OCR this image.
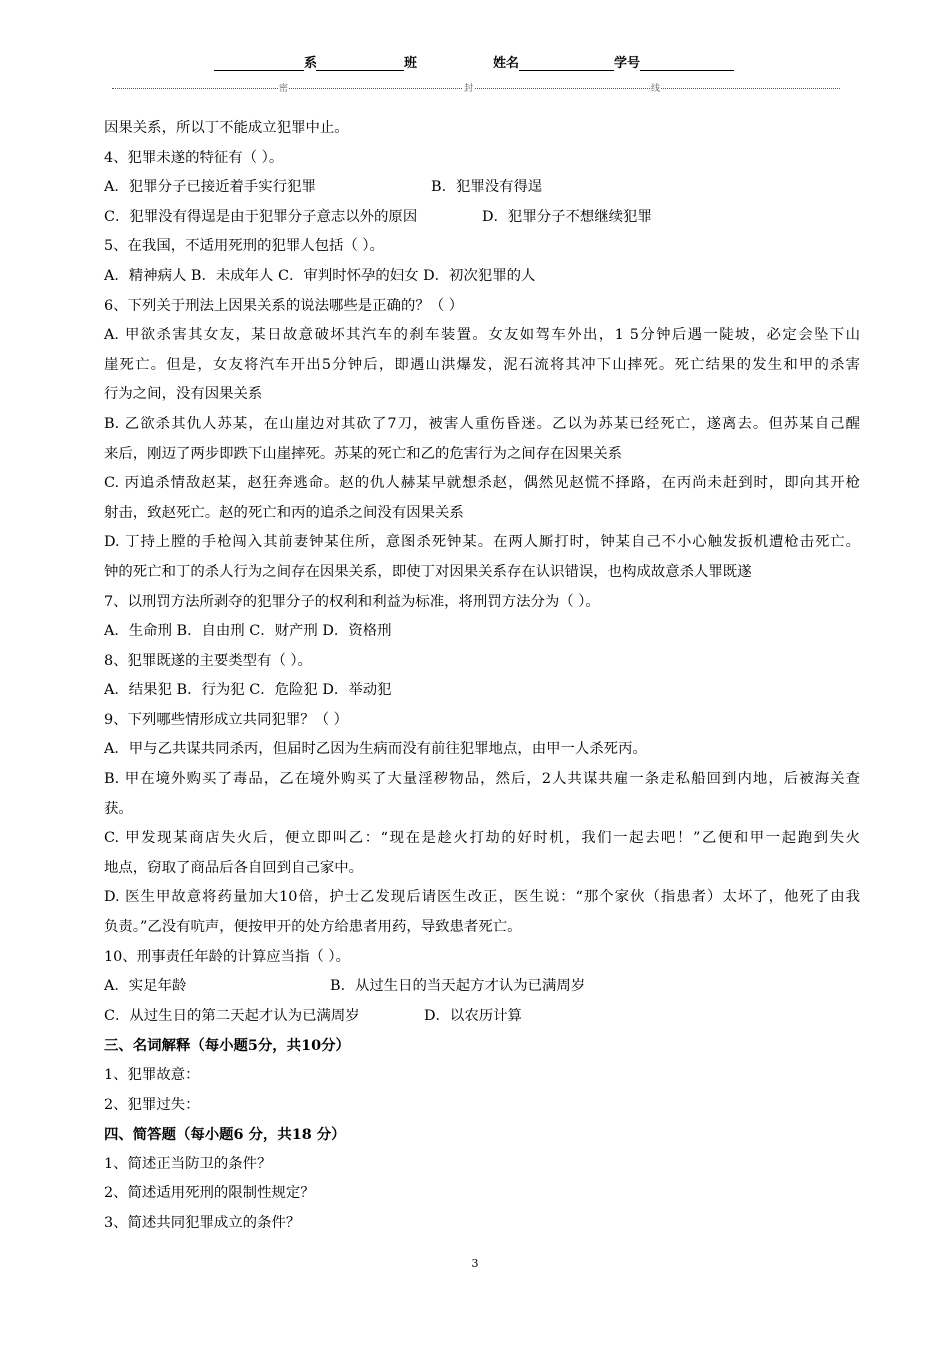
系	班	姓名	学号
密	封	线
因果关系，所以丁不能成立犯罪中止。
4、犯罪未遂的特征有（ ）。
A．犯罪分子已接近着手实行犯罪	B．犯罪没有得逞
C．犯罪没有得逞是由于犯罪分子意志以外的原因	D．犯罪分子不想继续犯罪
5、在我国，不适用死刑的犯罪人包括（ ）。
A．精神病人 B．未成年人 C．审判时怀孕的妇女 D．初次犯罪的人
6、下列关于刑法上因果关系的说法哪些是正确的？（ ）
A. 甲欲杀害其女友，某日故意破坏其汽车的刹车装置。女友如驾车外出，1 5分钟后遇一陡坡，必定会坠下山
崖死亡。但是，女友将汽车开出5分钟后，即遇山洪爆发，泥石流将其冲下山摔死。死亡结果的发生和甲的杀害
行为之间，没有因果关系
B. 乙欲杀其仇人苏某，在山崖边对其砍了7刀，被害人重伤昏迷。乙以为苏某已经死亡，遂离去。但苏某自己醒
来后，刚迈了两步即跌下山崖摔死。苏某的死亡和乙的危害行为之间存在因果关系
C. 丙追杀情敌赵某，赵狂奔逃命。赵的仇人赫某早就想杀赵，偶然见赵慌不择路，在丙尚未赶到时，即向其开枪
射击，致赵死亡。赵的死亡和丙的追杀之间没有因果关系
D. 丁持上膛的手枪闯入其前妻钟某住所，意图杀死钟某。在两人厮打时，钟某自己不小心触发扳机遭枪击死亡。
钟的死亡和丁的杀人行为之间存在因果关系，即使丁对因果关系存在认识错误，也构成故意杀人罪既遂
7、以刑罚方法所剥夺的犯罪分子的权利和利益为标准，将刑罚方法分为（ ）。
A．生命刑 B．自由刑 C．财产刑 D．资格刑
8、犯罪既遂的主要类型有（ ）。
A．结果犯 B．行为犯 C．危险犯 D．举动犯
9、下列哪些情形成立共同犯罪？（ ）
A．甲与乙共谋共同杀丙，但届时乙因为生病而没有前往犯罪地点，由甲一人杀死丙。
B. 甲在境外购买了毒品，乙在境外购买了大量淫秽物品，然后，2人共谋共雇一条走私船回到内地，后被海关查
获。
C. 甲发现某商店失火后，便立即叫乙：“现在是趁火打劫的好时机，我们一起去吧！”乙便和甲一起跑到失火
地点，窃取了商品后各自回到自己家中。
D. 医生甲故意将药量加大10倍，护士乙发现后请医生改正，医生说：“那个家伙（指患者）太坏了，他死了由我
负责。”乙没有吭声，便按甲开的处方给患者用药，导致患者死亡。
10、刑事责任年龄的计算应当指（ ）。
A．实足年龄	B．从过生日的当天起方才认为已满周岁
C．从过生日的第二天起才认为已满周岁	D．以农历计算
三、名词解释（每小题5分，共10分）
1、犯罪故意：
2、犯罪过失：
四、简答题（每小题6 分，共18 分）
1、简述正当防卫的条件？
2、简述适用死刑的限制性规定？
3、简述共同犯罪成立的条件？
3
